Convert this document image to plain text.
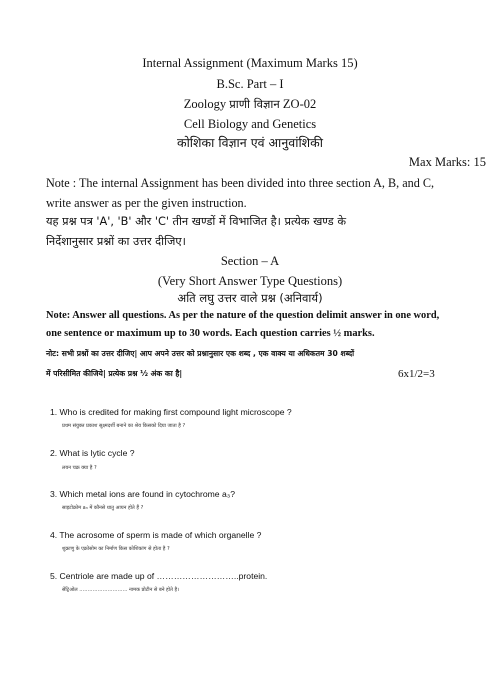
Internal Assignment (Maximum Marks 15)
B.Sc. Part – I
Zoology प्राणी विज्ञान ZO-02
Cell Biology and Genetics
कोशिका विज्ञान एवं आनुवांशिकी
Max Marks: 15
Note : The internal Assignment has been divided into three section A, B, and C,
write answer as per the given instruction.
यह प्रश्न पत्र 'A', 'B' और 'C' तीन खण्डों में विभाजित है। प्रत्येक खण्ड के
निर्देशानुसार प्रश्नों का उत्तर दीजिए।
Section – A
(Very Short Answer Type Questions)
अति लघु उत्तर वाले प्रश्न (अनिवार्य)
Note: Answer all questions. As per the nature of the question delimit answer in one word,
one sentence or maximum up to 30 words. Each question carries ½ marks.
नोट: सभी प्रश्नों का उत्तर दीजिए| आप अपने उत्तर को प्रश्नानुसार एक शब्द , एक वाक्य या अधिकतम 30 शब्दों
में परिसीमित कीजिये| प्रत्येक प्रश्न ½ अंक का है|	6x1/2=3
1. Who is credited for making first compound light microscope ?
प्रथम संयुक्त प्रकाश सूक्ष्मदर्शी बनाने का श्रेय किसको दिया जाता है ?
2. What is lytic cycle ?
लयन चक्र क्या है ?
3. Which metal ions are found in cytochrome a₃?
साइटोक्रोम a₃ में कौनसे धातु आयन होते हैं ?
4. The acrosome of sperm is made of which organelle ?
शुक्राणु के एक्रोसोम का निर्माण किस कोशिकांग से होता है ?
5. Centriole are made up of ………………………..protein.
सेंट्रिओल ……………………….. नामक प्रोटीन से बने होते है।
